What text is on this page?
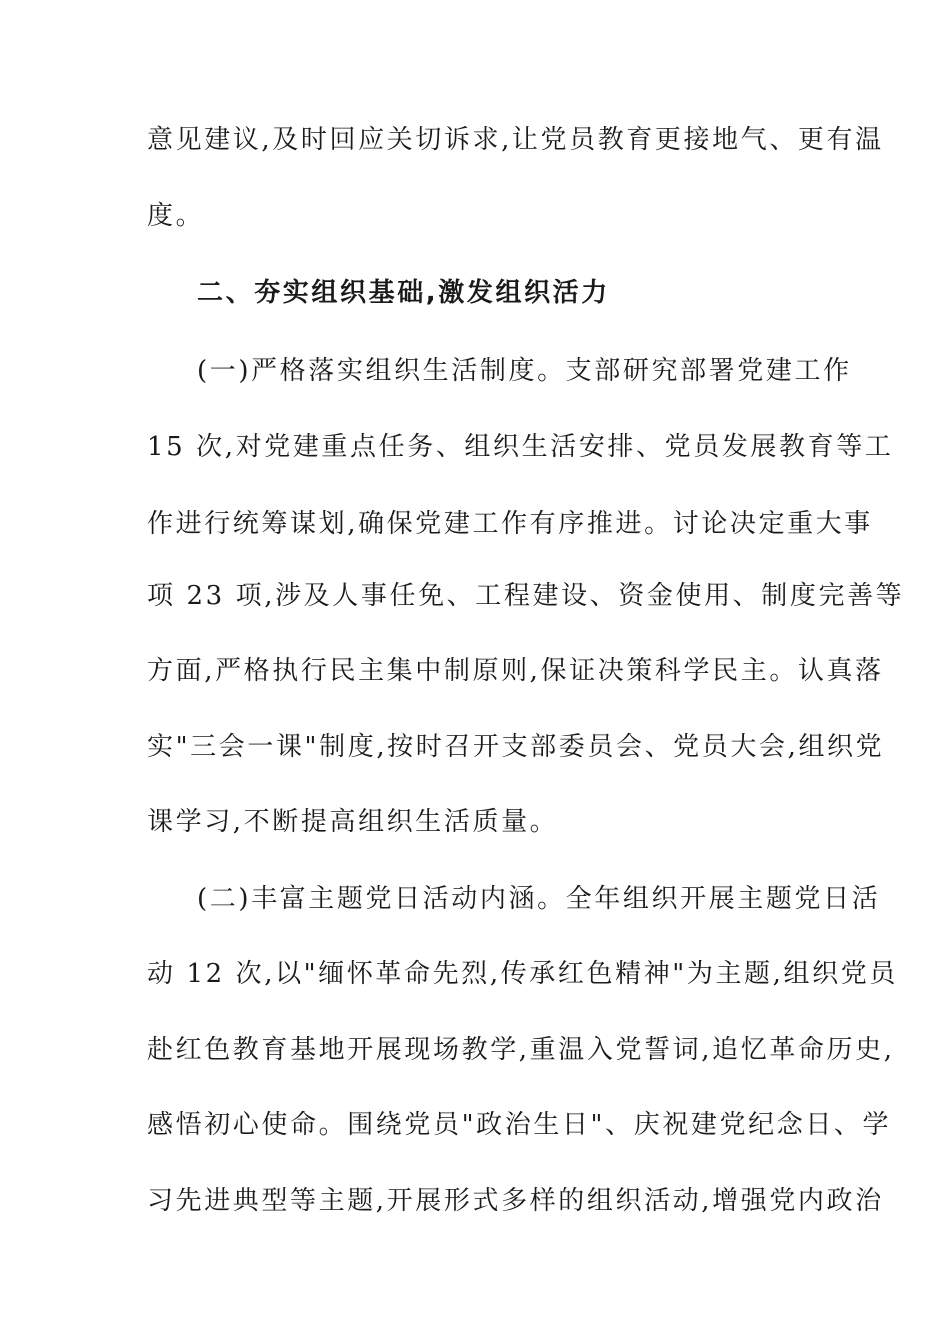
意见建议,及时回应关切诉求,让党员教育更接地气、更有温
度。
二、夯实组织基础,激发组织活力
(一)严格落实组织生活制度。支部研究部署党建工作
15 次,对党建重点任务、组织生活安排、党员发展教育等工
作进行统筹谋划,确保党建工作有序推进。讨论决定重大事
项 23 项,涉及人事任免、工程建设、资金使用、制度完善等
方面,严格执行民主集中制原则,保证决策科学民主。认真落
实"三会一课"制度,按时召开支部委员会、党员大会,组织党
课学习,不断提高组织生活质量。
(二)丰富主题党日活动内涵。全年组织开展主题党日活
动 12 次,以"缅怀革命先烈,传承红色精神"为主题,组织党员
赴红色教育基地开展现场教学,重温入党誓词,追忆革命历史,
感悟初心使命。围绕党员"政治生日"、庆祝建党纪念日、学
习先进典型等主题,开展形式多样的组织活动,增强党内政治
